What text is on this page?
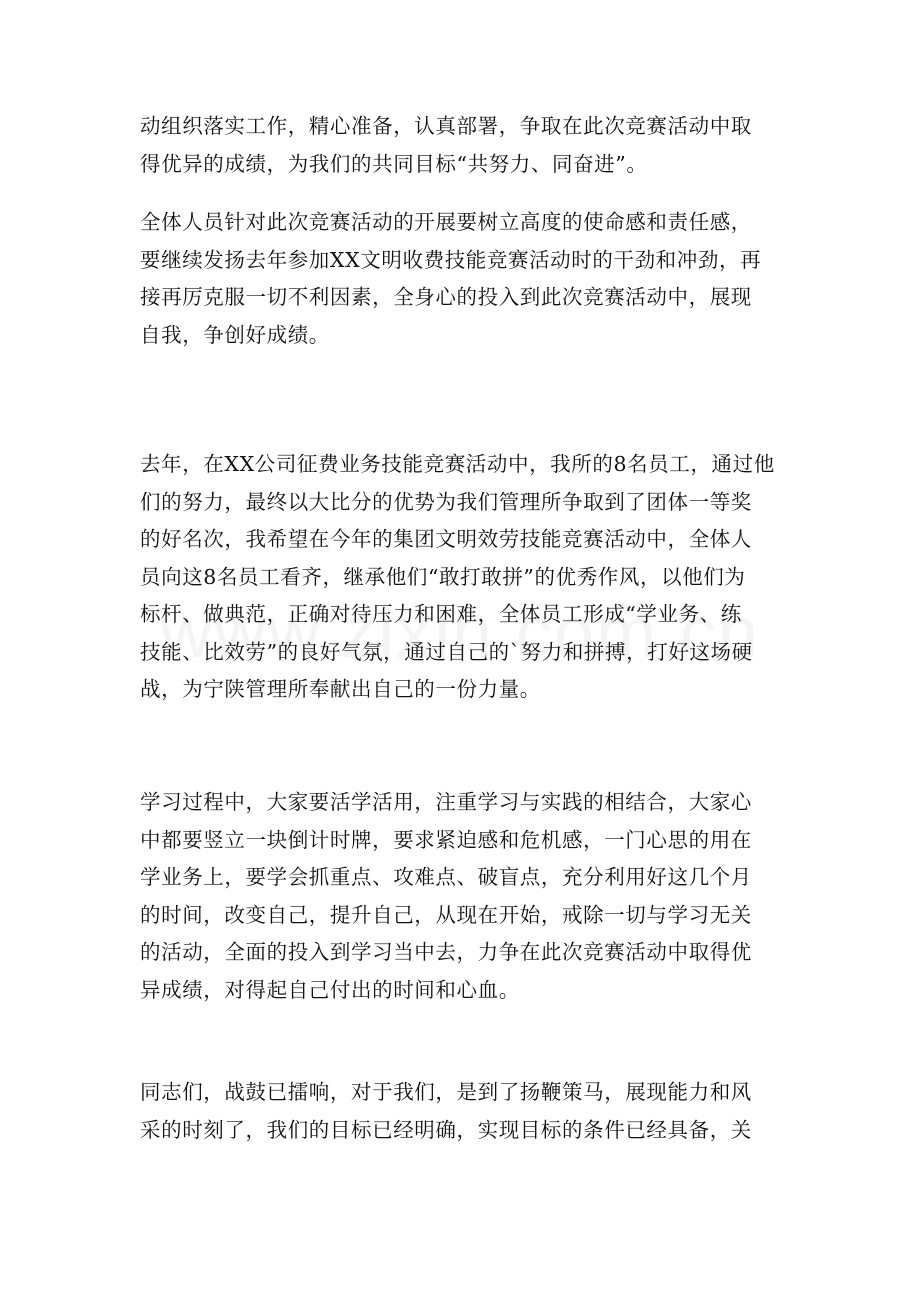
动组织落实工作，精心准备，认真部署，争取在此次竞赛活动中取
得优异的成绩，为我们的共同目标“共努力、同奋进”。

全体人员针对此次竞赛活动的开展要树立高度的使命感和责任感，
要继续发扬去年参加XX文明收费技能竞赛活动时的干劲和冲劲，再
接再厉克服一切不利因素，全身心的投入到此次竞赛活动中，展现
自我，争创好成绩。

去年，在XX公司征费业务技能竞赛活动中，我所的8名员工，通过他
们的努力，最终以大比分的优势为我们管理所争取到了团体一等奖
的好名次，我希望在今年的集团文明效劳技能竞赛活动中，全体人
员向这8名员工看齐，继承他们“敢打敢拼”的优秀作风，以他们为
标杆、做典范，正确对待压力和困难，全体员工形成“学业务、练
技能、比效劳”的良好气氛，通过自己的`努力和拼搏，打好这场硬
战，为宁陕管理所奉献出自己的一份力量。

学习过程中，大家要活学活用，注重学习与实践的相结合，大家心
中都要竖立一块倒计时牌，要求紧迫感和危机感，一门心思的用在
学业务上，要学会抓重点、攻难点、破盲点，充分利用好这几个月
的时间，改变自己，提升自己，从现在开始，戒除一切与学习无关
的活动，全面的投入到学习当中去，力争在此次竞赛活动中取得优
异成绩，对得起自己付出的时间和心血。

同志们，战鼓已擂响，对于我们，是到了扬鞭策马，展现能力和风
采的时刻了，我们的目标已经明确，实现目标的条件已经具备，关
